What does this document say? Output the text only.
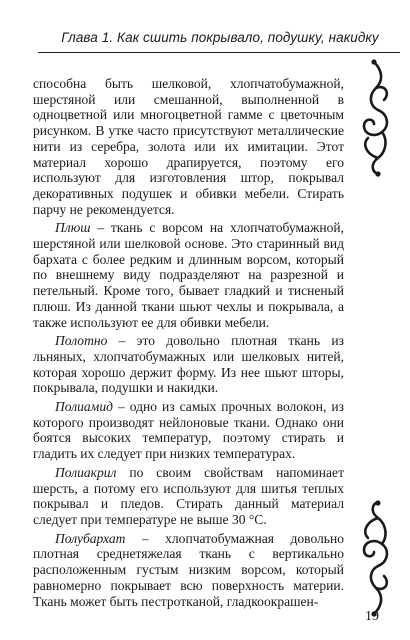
Глава 1. Как сшить покрывало, подушку, накидку

способна быть шелковой, хлопчатобумажной, шерстяной или смешанной, выполненной в одноцветной или многоцветной гамме с цветочным рисунком. В утке часто присутствуют металлические нити из серебра, золота или их имитации. Этот материал хорошо драпируется, поэтому его используют для изготовления штор, покрывал декоративных подушек и обивки мебели. Стирать парчу не рекомендуется.

Плюш – ткань с ворсом на хлопчатобумажной, шерстяной или шелковой основе. Это старинный вид бархата с более редким и длинным ворсом, который по внешнему виду подразделяют на разрезной и петельный. Кроме того, бывает гладкий и тисненый плюш. Из данной ткани шьют чехлы и покрывала, а также используют ее для обивки мебели.

Полотно – это довольно плотная ткань из льняных, хлопчатобумажных или шелковых нитей, которая хорошо держит форму. Из нее шьют шторы, покрывала, подушки и накидки.

Полиамид – одно из самых прочных волокон, из которого производят нейлоновые ткани. Однако они боятся высоких температур, поэтому стирать и гладить их следует при низких температурах.

Полиакрил по своим свойствам напоминает шерсть, а потому его используют для шитья теплых покрывал и пледов. Стирать данный материал следует при температуре не выше 30 °С.

Полубархат – хлопчатобумажная довольно плотная среднетяжелая ткань с вертикально расположенным густым низким ворсом, который равномерно покрывает всю поверхность материи. Ткань может быть пестроткaной, гладкоокрашен-

19
